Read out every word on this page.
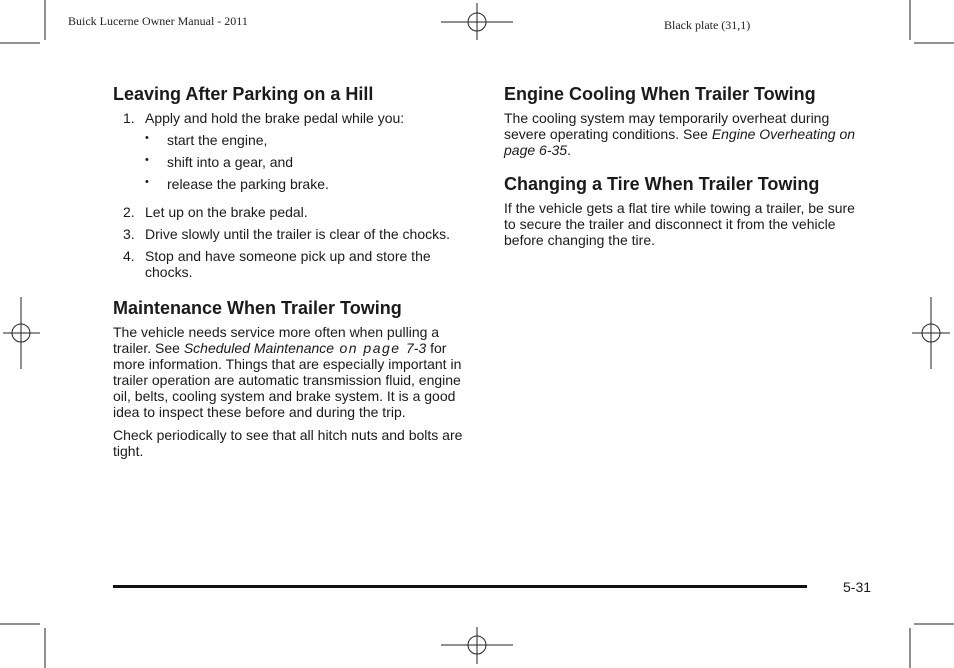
Buick Lucerne Owner Manual - 2011	Black plate (31,1)
Leaving After Parking on a Hill
1. Apply and hold the brake pedal while you:
•	start the engine,
•	shift into a gear, and
•	release the parking brake.
2. Let up on the brake pedal.
3. Drive slowly until the trailer is clear of the chocks.
4. Stop and have someone pick up and store the chocks.
Maintenance When Trailer Towing

The vehicle needs service more often when pulling a trailer. See Scheduled Maintenance on page 7-3 for more information. Things that are especially important in trailer operation are automatic transmission fluid, engine oil, belts, cooling system and brake system. It is a good idea to inspect these before and during the trip.

Check periodically to see that all hitch nuts and bolts are tight.

Engine Cooling When Trailer Towing

The cooling system may temporarily overheat during severe operating conditions. See Engine Overheating on page 6-35.

Changing a Tire When Trailer Towing

If the vehicle gets a flat tire while towing a trailer, be sure to secure the trailer and disconnect it from the vehicle before changing the tire.

5-31
